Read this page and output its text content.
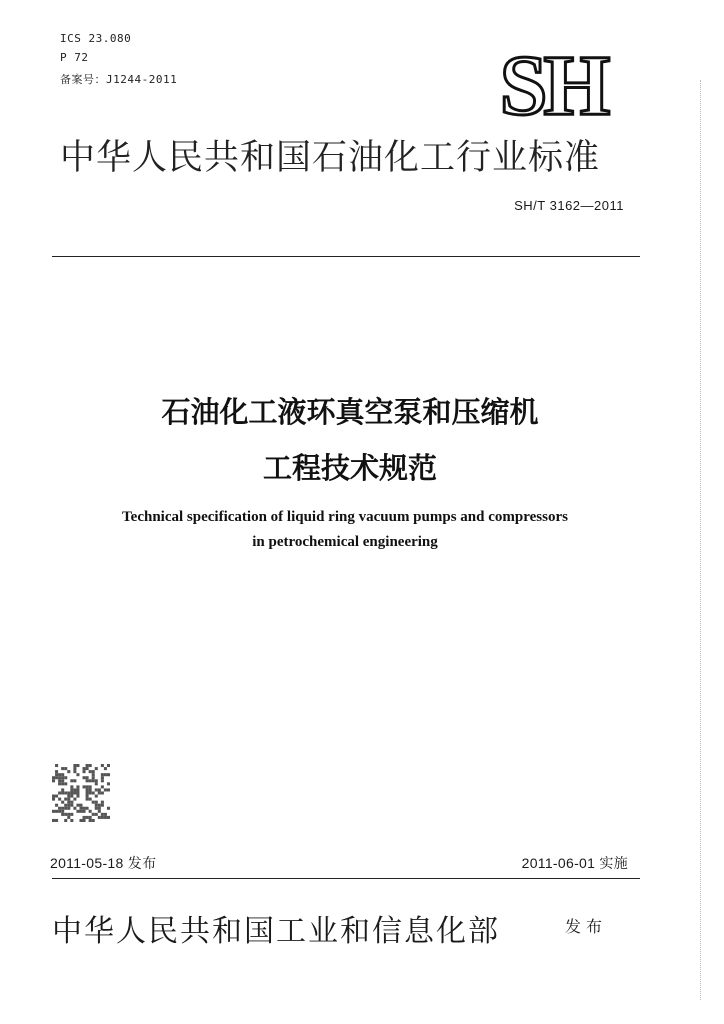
ICS 23.080
P 72
备案号：J1244-2011	SH
中华人民共和国石油化工行业标准
SH/T 3162—2011
石油化工液环真空泵和压缩机
工程技术规范
Technical specification of liquid ring vacuum pumps and compressors
in petrochemical engineering
2011-05-18 发布	2011-06-01 实施
中华人民共和国工业和信息化部	发布
